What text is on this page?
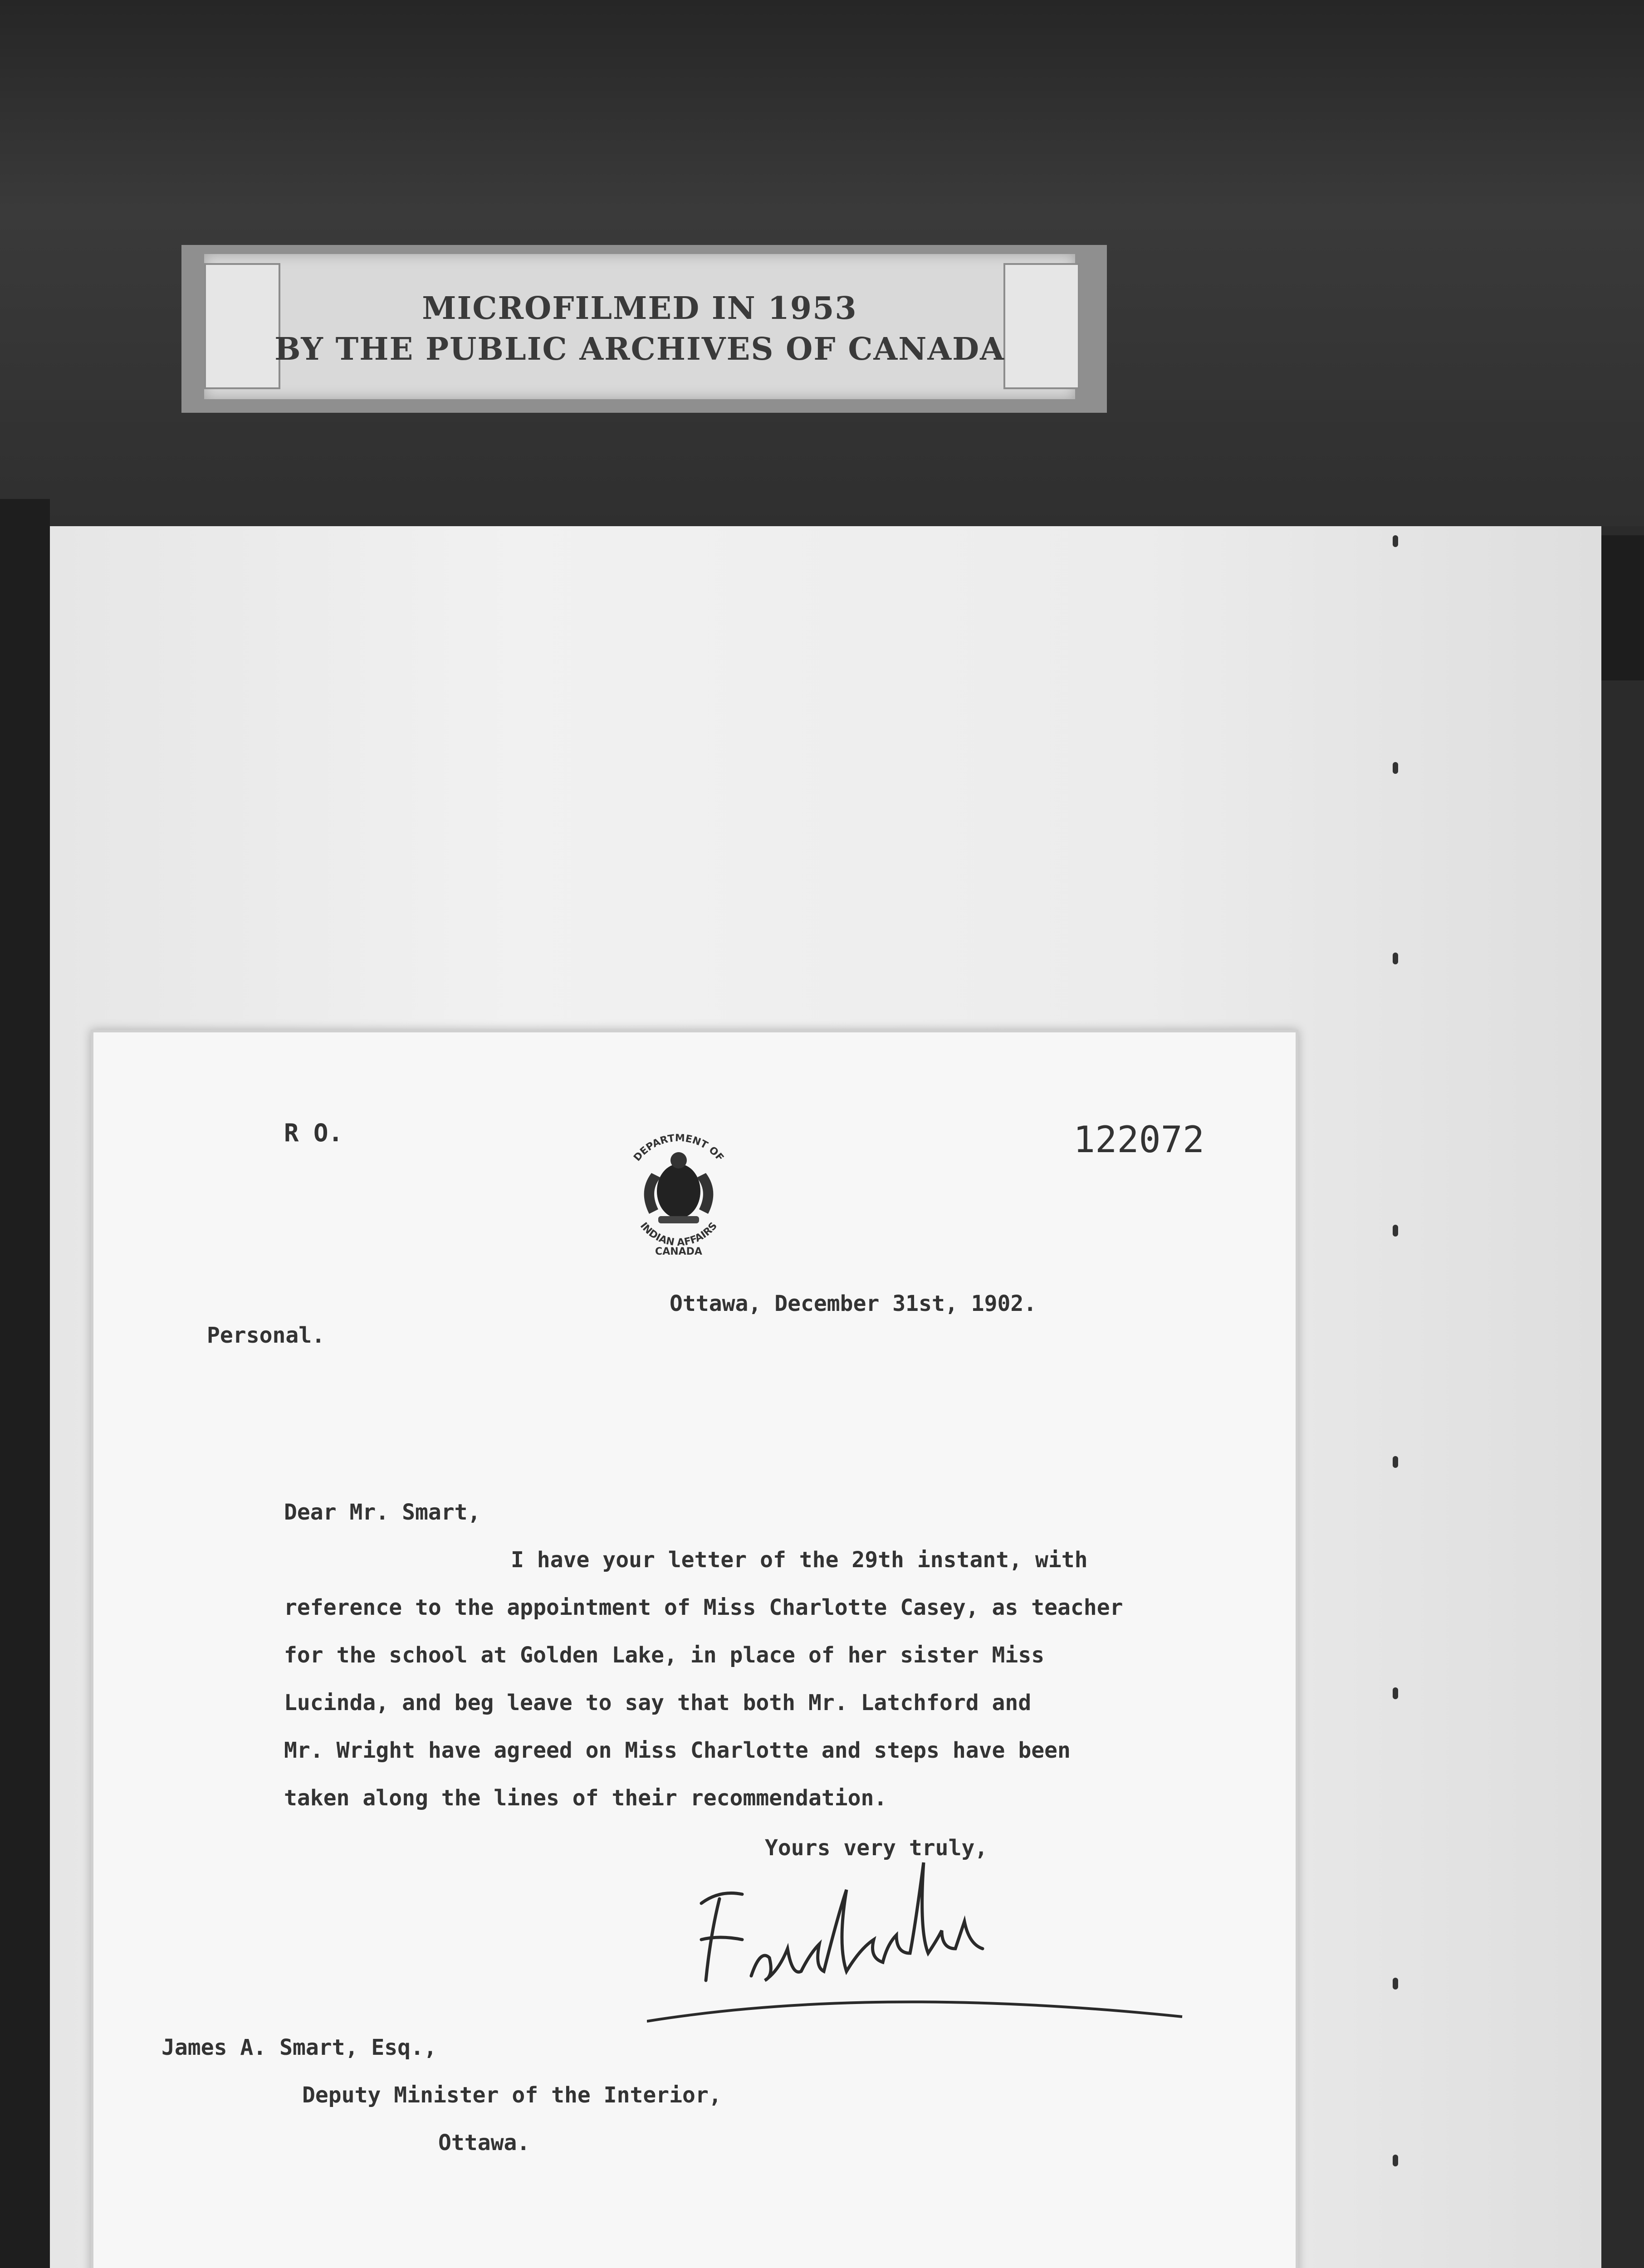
MICROFILMED IN 1953
BY THE PUBLIC ARCHIVES OF CANADA
R O.	122072
DEPARTMENT OF
INDIAN AFFAIRS
CANADA
Ottawa, December 31st, 1902.
Personal.
Dear Mr. Smart,
I have your letter of the 29th instant, with
reference to the appointment of Miss Charlotte Casey, as teacher
for the school at Golden Lake, in place of her sister Miss
Lucinda, and beg leave to say that both Mr. Latchford and
Mr. Wright have agreed on Miss Charlotte and steps have been
taken along the lines of their recommendation.
Yours very truly,
James A. Smart, Esq.,
Deputy Minister of the Interior,
Ottawa.
